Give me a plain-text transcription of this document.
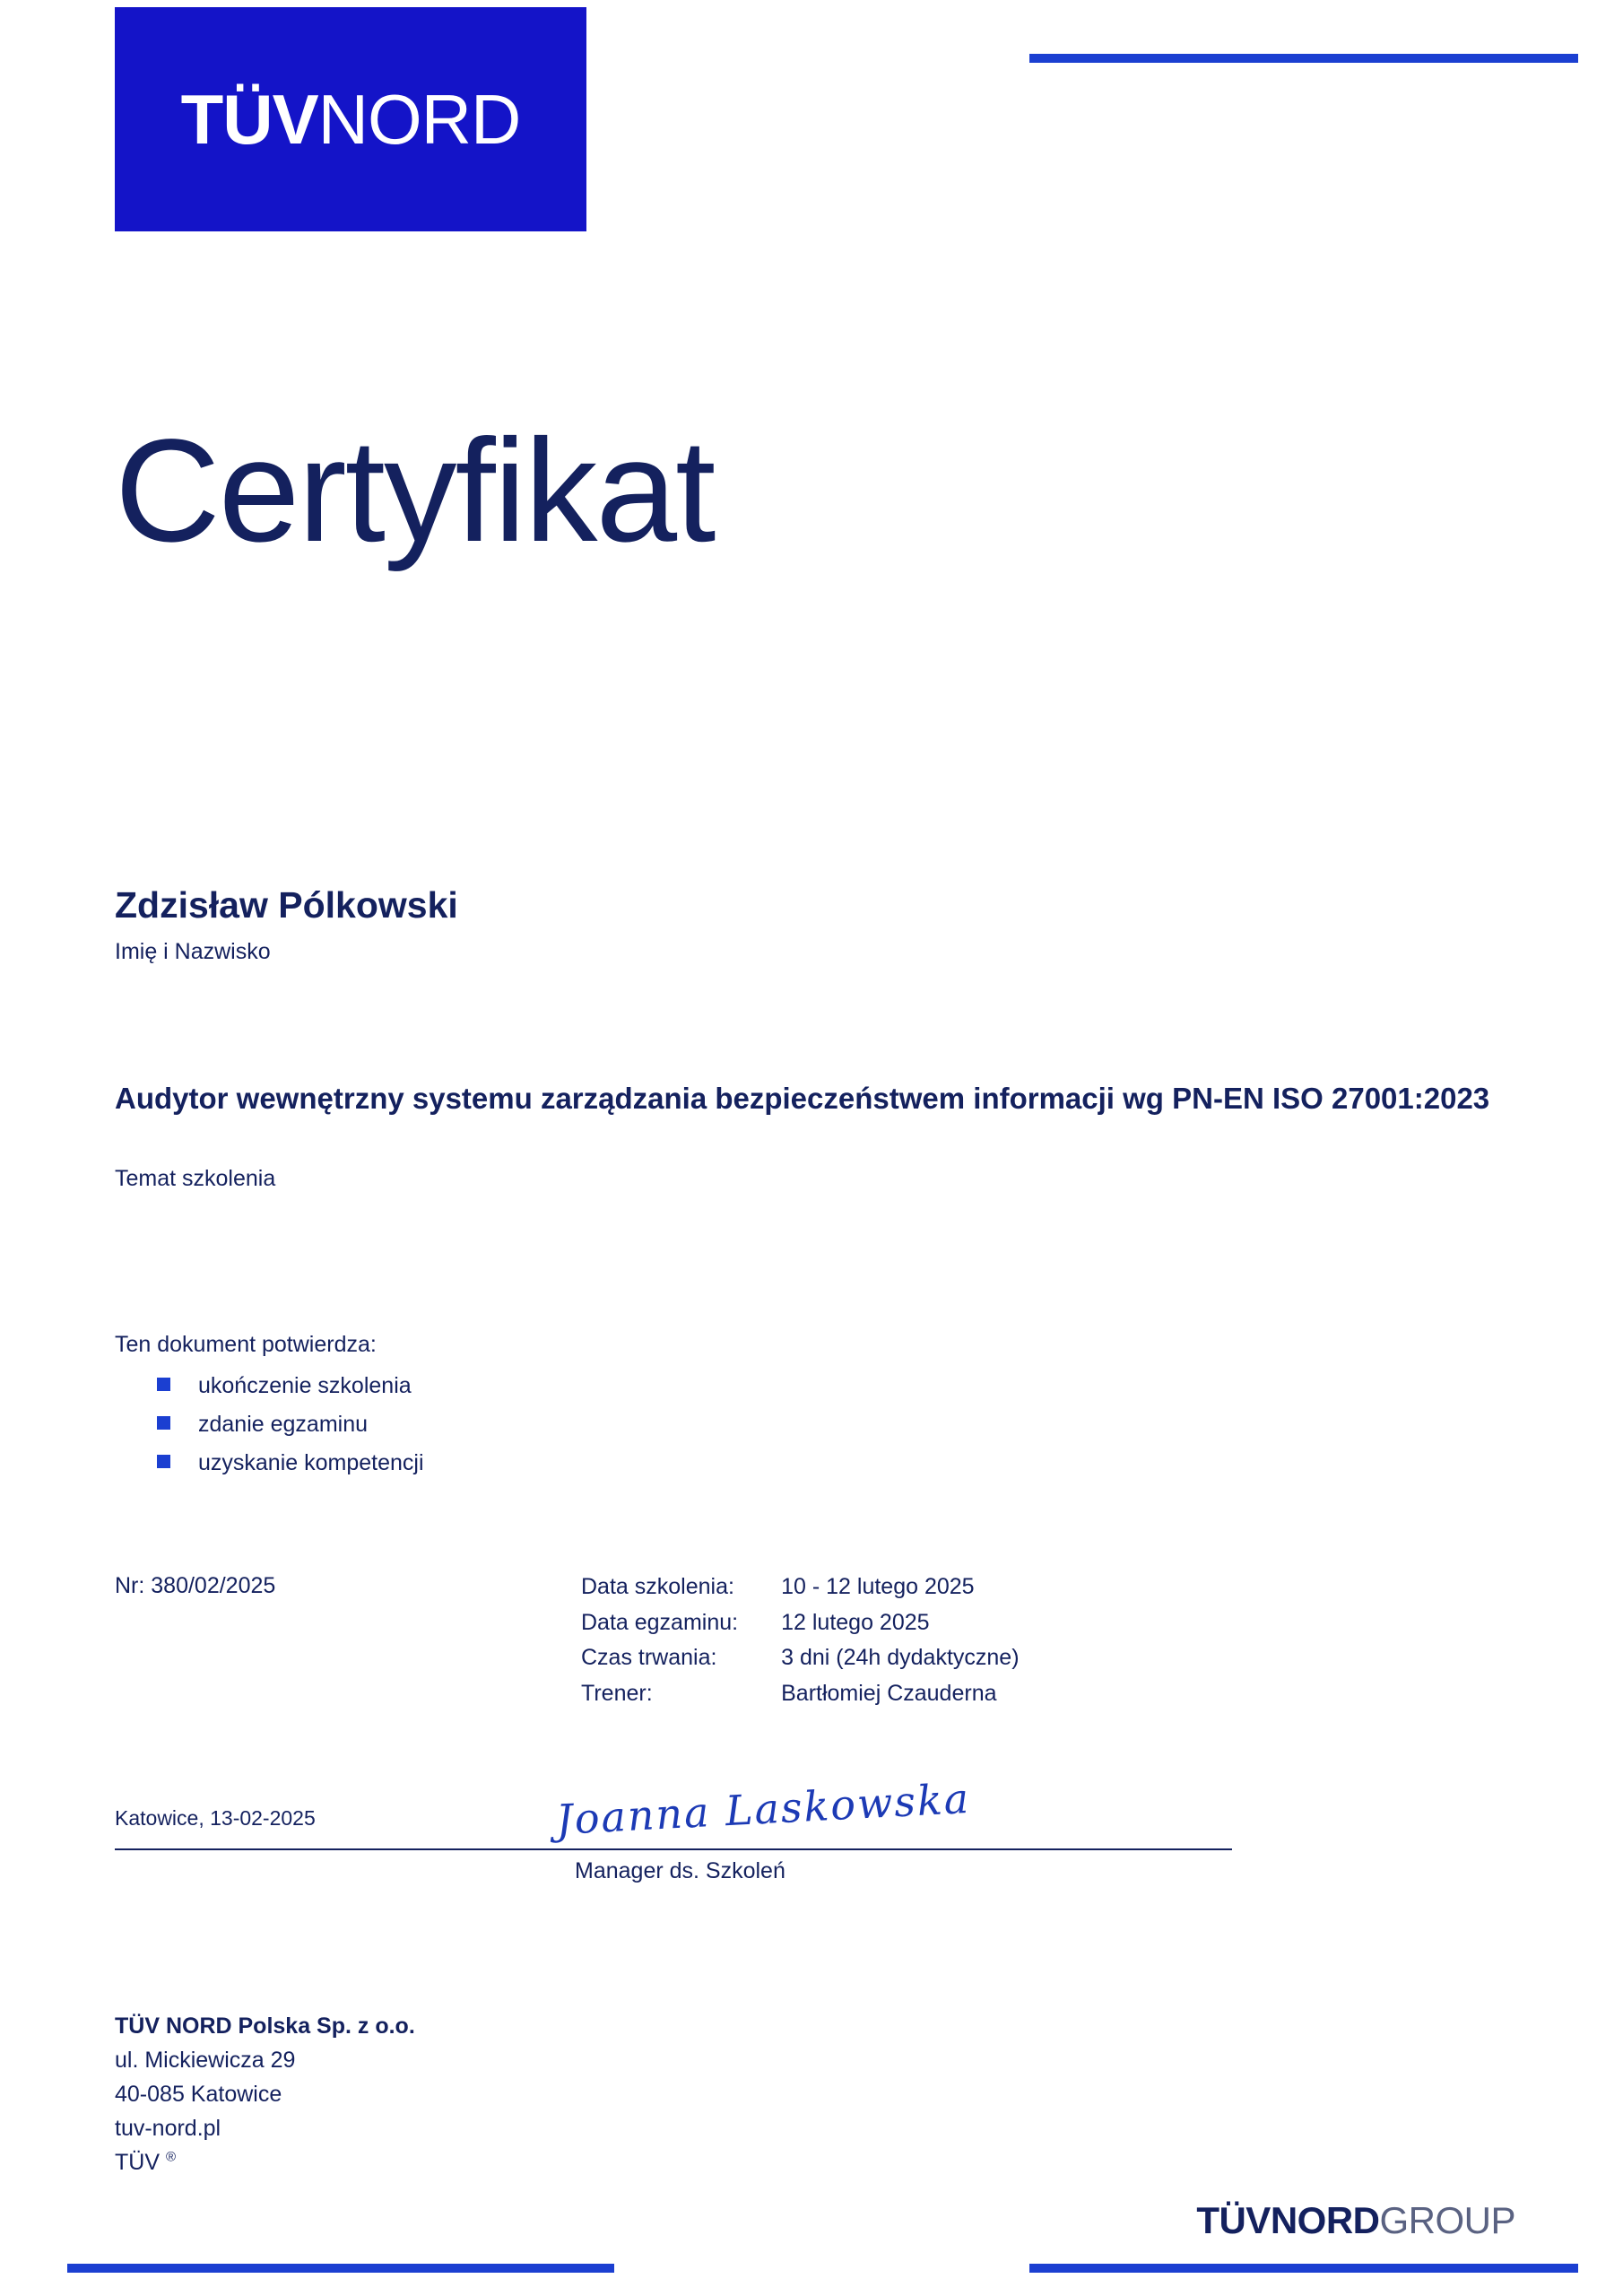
TÜVNORD
Certyfikat
Zdzisław Pólkowski
Imię i Nazwisko
Audytor wewnętrzny systemu zarządzania bezpieczeństwem informacji wg PN-EN ISO 27001:2023
Temat szkolenia
Ten dokument potwierdza:
ukończenie szkolenia
zdanie egzaminu
uzyskanie kompetencji
Nr: 380/02/2025	Data szkolenia:	10 - 12 lutego 2025
Data egzaminu:	12 lutego 2025
Czas trwania:	3 dni (24h dydaktyczne)
Trener:	Bartłomiej Czauderna
Katowice, 13-02-2025	Joanna Laskowska
Manager ds. Szkoleń
TÜV NORD Polska Sp. z o.o.
ul. Mickiewicza 29
40-085 Katowice
tuv-nord.pl
TÜV ®
TÜVNORDGROUP
